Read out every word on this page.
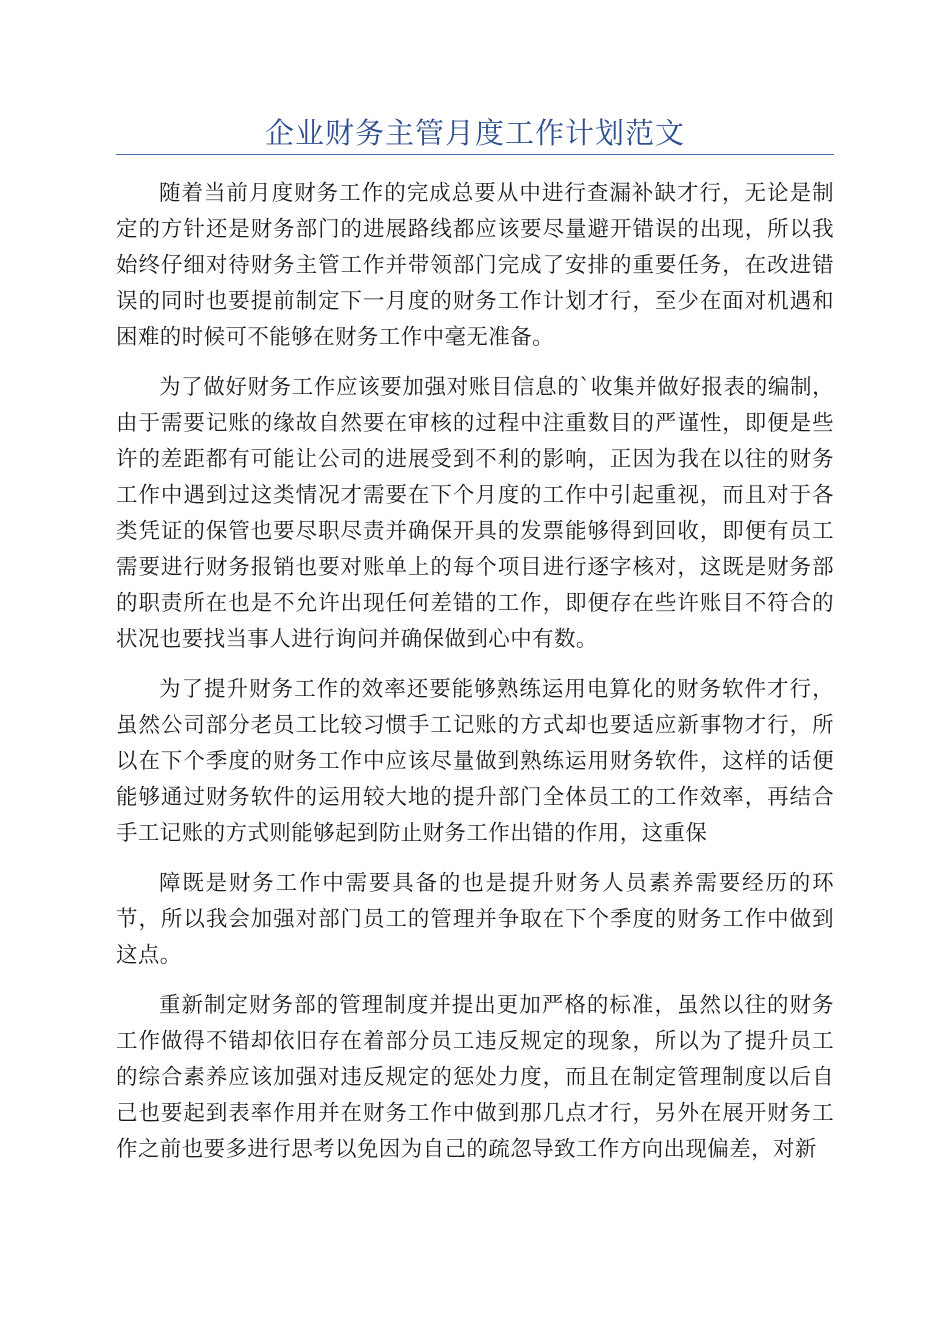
企业财务主管月度工作计划范文

随着当前月度财务工作的完成总要从中进行查漏补缺才行，无论是制定的方针还是财务部门的进展路线都应该要尽量避开错误的出现，所以我始终仔细对待财务主管工作并带领部门完成了安排的重要任务，在改进错误的同时也要提前制定下一月度的财务工作计划才行，至少在面对机遇和困难的时候可不能够在财务工作中毫无准备。

为了做好财务工作应该要加强对账目信息的`收集并做好报表的编制，由于需要记账的缘故自然要在审核的过程中注重数目的严谨性，即便是些许的差距都有可能让公司的进展受到不利的影响，正因为我在以往的财务工作中遇到过这类情况才需要在下个月度的工作中引起重视，而且对于各类凭证的保管也要尽职尽责并确保开具的发票能够得到回收，即便有员工需要进行财务报销也要对账单上的每个项目进行逐字核对，这既是财务部的职责所在也是不允许出现任何差错的工作，即便存在些许账目不符合的状况也要找当事人进行询问并确保做到心中有数。

为了提升财务工作的效率还要能够熟练运用电算化的财务软件才行，虽然公司部分老员工比较习惯手工记账的方式却也要适应新事物才行，所以在下个季度的财务工作中应该尽量做到熟练运用财务软件，这样的话便能够通过财务软件的运用较大地的提升部门全体员工的工作效率，再结合手工记账的方式则能够起到防止财务工作出错的作用，这重保

障既是财务工作中需要具备的也是提升财务人员素养需要经历的环节，所以我会加强对部门员工的管理并争取在下个季度的财务工作中做到这点。

重新制定财务部的管理制度并提出更加严格的标准，虽然以往的财务工作做得不错却依旧存在着部分员工违反规定的现象，所以为了提升员工的综合素养应该加强对违反规定的惩处力度，而且在制定管理制度以后自己也要起到表率作用并在财务工作中做到那几点才行，另外在展开财务工作之前也要多进行思考以免因为自己的疏忽导致工作方向出现偏差，对新
